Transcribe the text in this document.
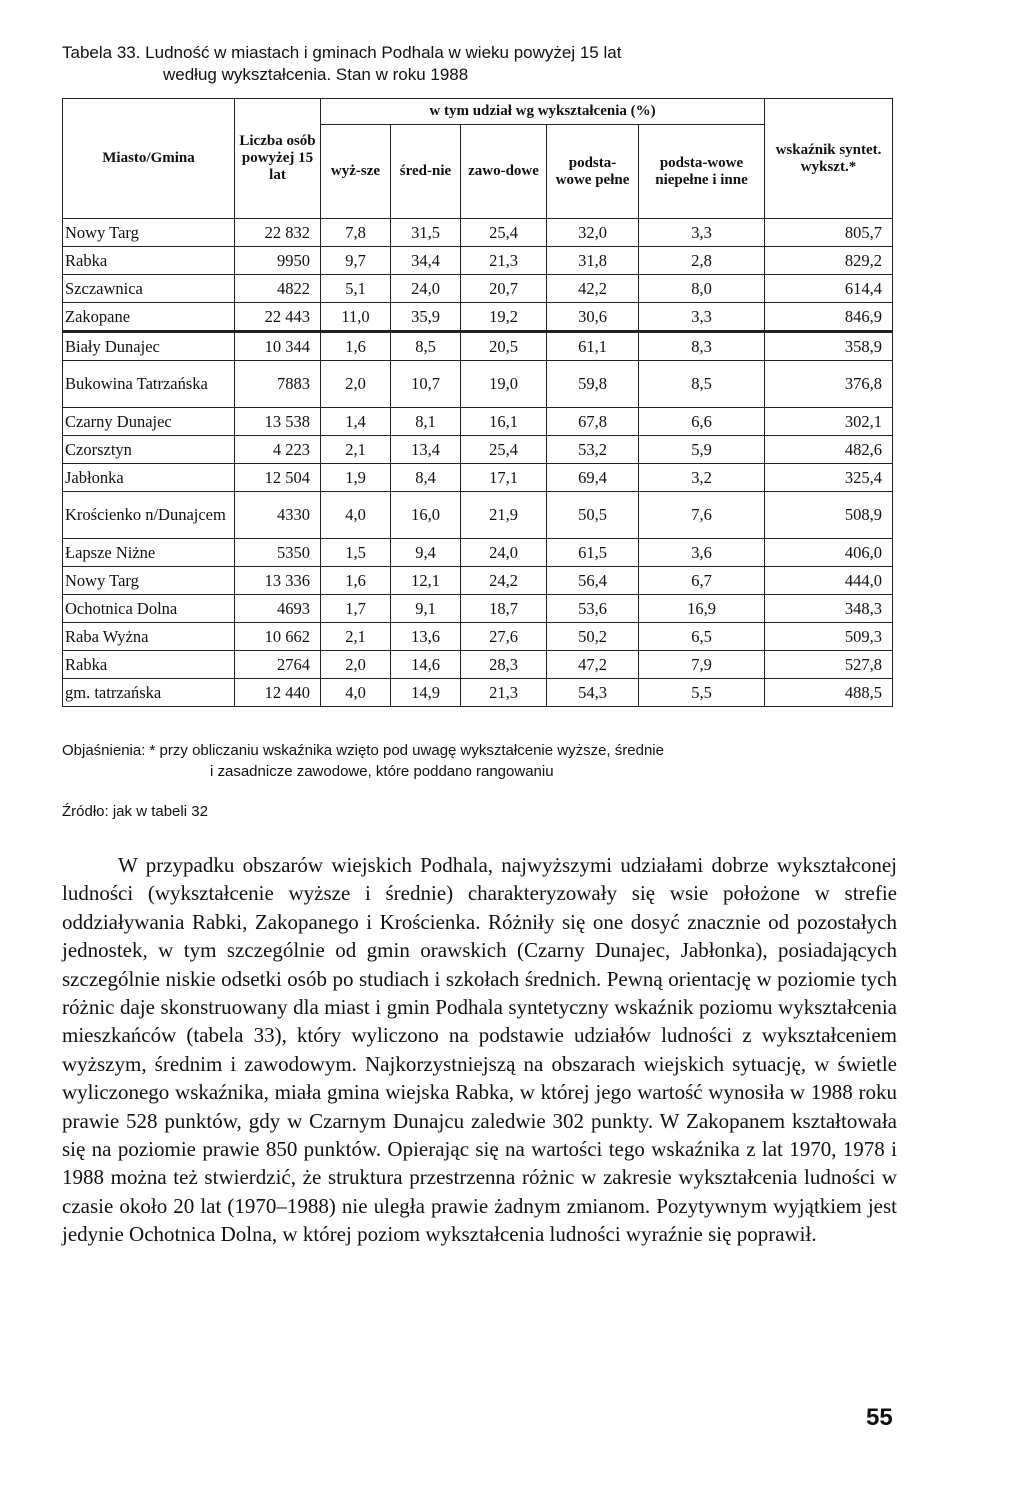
Tabela 33. Ludność w miastach i gminach Podhala w wieku powyżej 15 lat
według wykształcenia. Stan w roku 1988
Miasto/Gmina	Liczba osób powyżej 15 lat	w tym udział wg wykształcenia (%)					wskaźnik syntet. wykszt.*
		wyż-sze	śred-nie	zawo-dowe	podsta-wowe pełne	podsta-wowe niepełne i inne	
Nowy Targ	22 832	7,8	31,5	25,4	32,0	3,3	805,7
Rabka	9950	9,7	34,4	21,3	31,8	2,8	829,2
Szczawnica	4822	5,1	24,0	20,7	42,2	8,0	614,4
Zakopane	22 443	11,0	35,9	19,2	30,6	3,3	846,9
Biały Dunajec	10 344	1,6	8,5	20,5	61,1	8,3	358,9
Bukowina Tatrzańska	7883	2,0	10,7	19,0	59,8	8,5	376,8
Czarny Dunajec	13 538	1,4	8,1	16,1	67,8	6,6	302,1
Czorsztyn	4 223	2,1	13,4	25,4	53,2	5,9	482,6
Jabłonka	12 504	1,9	8,4	17,1	69,4	3,2	325,4
Krościenko n/Dunajcem	4330	4,0	16,0	21,9	50,5	7,6	508,9
Łapsze Niżne	5350	1,5	9,4	24,0	61,5	3,6	406,0
Nowy Targ	13 336	1,6	12,1	24,2	56,4	6,7	444,0
Ochotnica Dolna	4693	1,7	9,1	18,7	53,6	16,9	348,3
Raba Wyżna	10 662	2,1	13,6	27,6	50,2	6,5	509,3
Rabka	2764	2,0	14,6	28,3	47,2	7,9	527,8
gm. tatrzańska	12 440	4,0	14,9	21,3	54,3	5,5	488,5
Objaśnienia: * przy obliczaniu wskaźnika wzięto pod uwagę wykształcenie wyższe, średnie
i zasadnicze zawodowe, które poddano rangowaniu
Źródło: jak w tabeli 32

W przypadku obszarów wiejskich Podhala, najwyższymi udziałami dobrze wykształconej ludności (wykształcenie wyższe i średnie) charakteryzowały się wsie położone w strefie oddziaływania Rabki, Zakopanego i Krościenka. Różniły się one dosyć znacznie od pozostałych jednostek, w tym szczególnie od gmin orawskich (Czarny Dunajec, Jabłonka), posiadających szczególnie niskie odsetki osób po studiach i szkołach średnich. Pewną orientację w poziomie tych różnic daje skonstruowany dla miast i gmin Podhala syntetyczny wskaźnik poziomu wykształcenia mieszkańców (tabela 33), który wyliczono na podstawie udziałów ludności z wykształceniem wyższym, średnim i zawodowym. Najkorzystniejszą na obszarach wiejskich sytuację, w świetle wyliczonego wskaźnika, miała gmina wiejska Rabka, w której jego wartość wynosiła w 1988 roku prawie 528 punktów, gdy w Czarnym Dunajcu zaledwie 302 punkty. W Zakopanem kształtowała się na poziomie prawie 850 punktów. Opierając się na wartości tego wskaźnika z lat 1970, 1978 i 1988 można też stwierdzić, że struktura przestrzenna różnic w zakresie wykształcenia ludności w czasie około 20 lat (1970–1988) nie uległa prawie żadnym zmianom. Pozytywnym wyjątkiem jest jedynie Ochotnica Dolna, w której poziom wykształcenia ludności wyraźnie się poprawił.

55
